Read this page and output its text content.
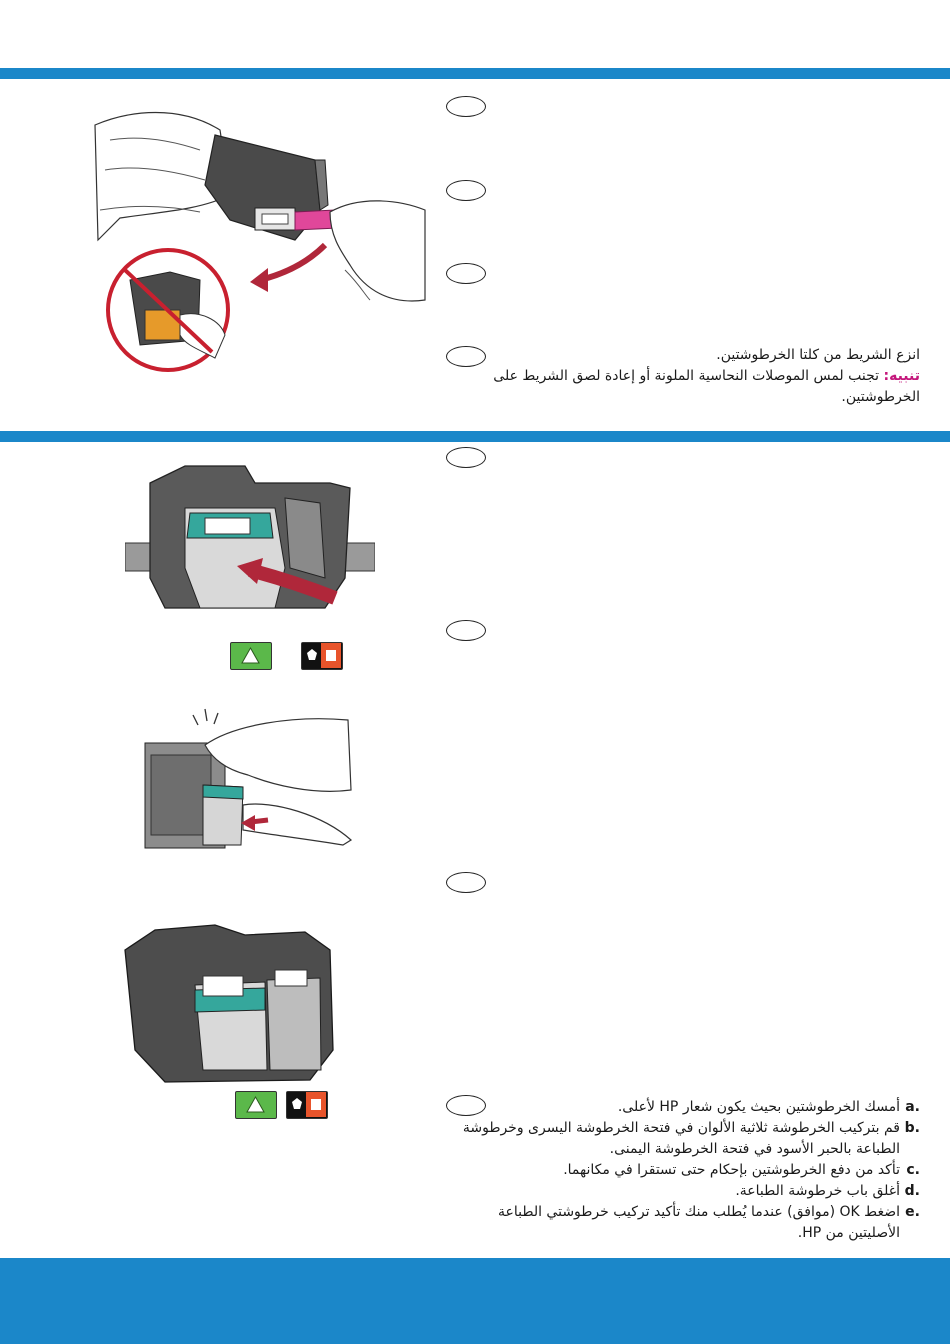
انزع الشريط من كلتا الخرطوشتين.
تنبيه: تجنب لمس الموصلات النحاسية الملونة أو إعادة لصق الشريط على الخرطوشتين.
a.
أمسك الخرطوشتين بحيث يكون شعار HP لأعلى.
b.
قم بتركيب الخرطوشة ثلاثية الألوان في فتحة الخرطوشة اليسرى وخرطوشة الطباعة بالحبر الأسود في فتحة الخرطوشة اليمنى.
c.
تأكد من دفع الخرطوشتين بإحكام حتى تستقرا في مكانهما.
d.
أغلق باب خرطوشة الطباعة.
e.
اضغط OK (موافق) عندما يُطلب منك تأكيد تركيب خرطوشتي الطباعة الأصليتين من HP.
